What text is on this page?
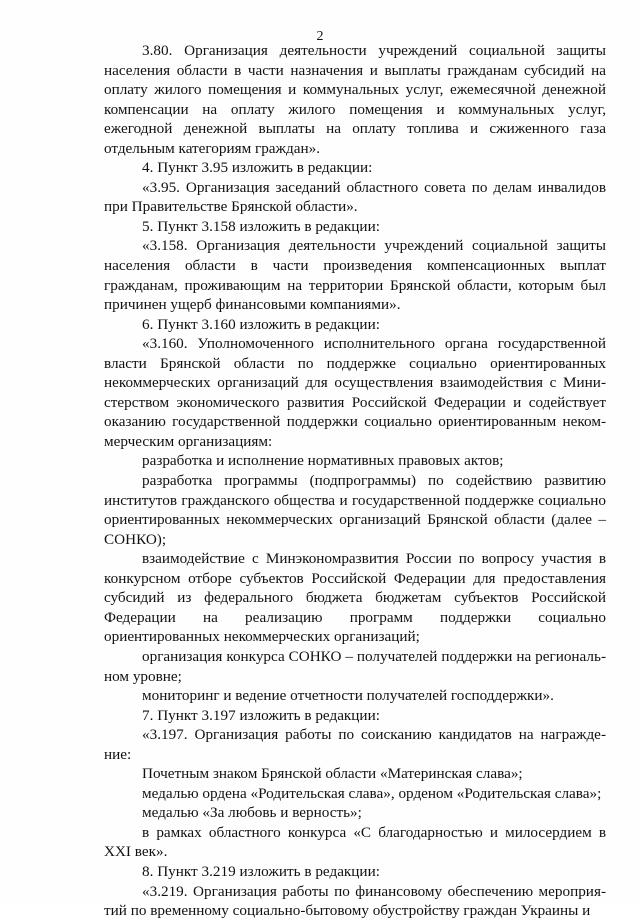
2

3.80. Организация деятельности учреждений социальной защиты населения области в части назначения и выплаты гражданам субсидий на оплату жилого помещения и коммунальных услуг, ежемесячной денежной компенсации на оплату жилого помещения и коммунальных услуг, ежегодной денежной выплаты на оплату топлива и сжиженного газа отдельным категориям граждан».

4. Пункт 3.95 изложить в редакции:

«3.95. Организация заседаний областного совета по делам инвалидов при Правительстве Брянской области».

5. Пункт 3.158 изложить в редакции:

«3.158. Организация деятельности учреждений социальной защиты населения области в части произведения компенсационных выплат гражданам, проживающим на территории Брянской области, которым был причинен ущерб финансовыми компаниями».

6. Пункт 3.160 изложить в редакции:

«3.160. Уполномоченного исполнительного органа государственной власти Брянской области по поддержке социально ориентированных некоммерческих организаций для осуществления взаимодействия с Министерством экономического развития Российской Федерации и содействует оказанию государственной поддержки социально ориентированным некоммерческим организациям:

разработка и исполнение нормативных правовых актов;

разработка программы (подпрограммы) по содействию развитию институтов гражданского общества и государственной поддержке социально ориентированных некоммерческих организаций Брянской области (далее – СОНКО);

взаимодействие с Минэкономразвития России по вопросу участия в конкурсном отборе субъектов Российской Федерации для предоставления субсидий из федерального бюджета бюджетам субъектов Российской Федерации на реализацию программ поддержки социально ориентированных некоммерческих организаций;

организация конкурса СОНКО – получателей поддержки на региональном уровне;

мониторинг и ведение отчетности получателей господдержки».

7. Пункт 3.197 изложить в редакции:

«3.197. Организация работы по соисканию кандидатов на награждение:

Почетным знаком Брянской области «Материнская слава»;

медалью ордена «Родительская слава», орденом «Родительская слава»;

медалью «За любовь и верность»;

в рамках областного конкурса «С благодарностью и милосердием в XXI век».

8. Пункт 3.219 изложить в редакции:

«3.219. Организация работы по финансовому обеспечению мероприятий по временному социально-бытовому обустройству граждан Украины и
